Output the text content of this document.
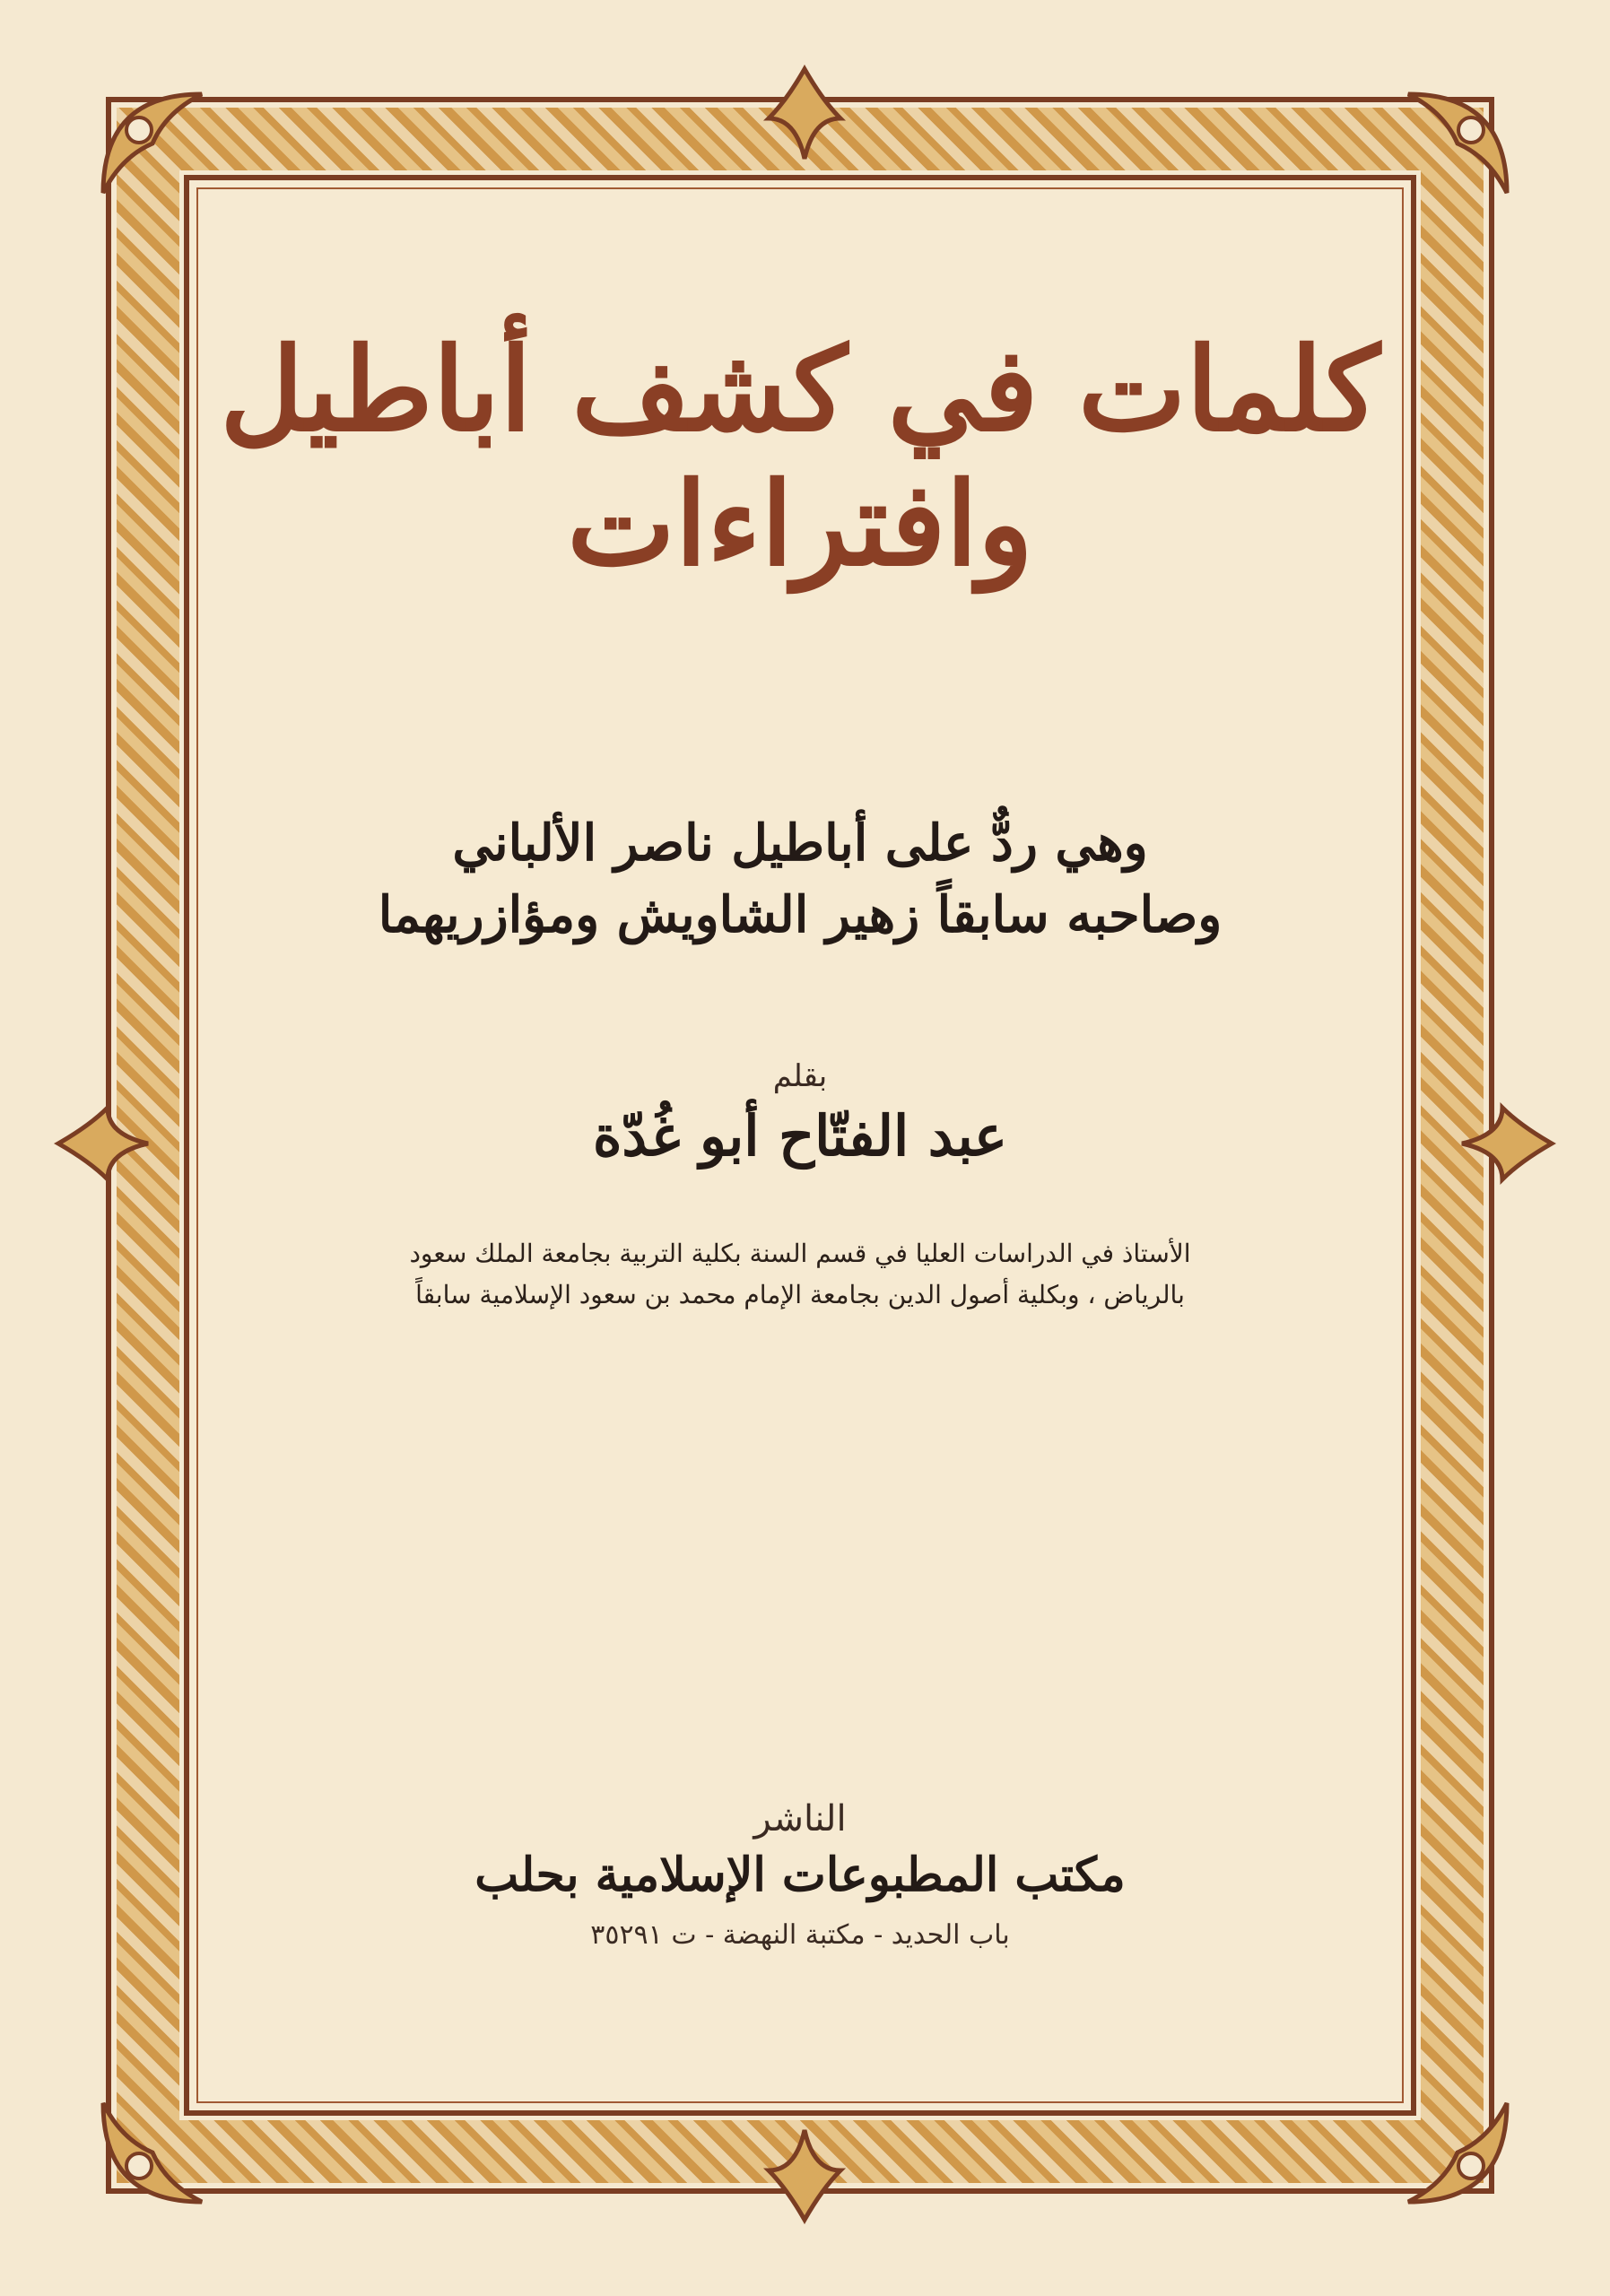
كلمات في كشف أباطيل وافتراءات
وهي ردٌّ على أباطيل ناصر الألباني
وصاحبه سابقاً زهير الشاويش ومؤازريهما
بقلم
عبد الفتّاح أبو غُدّة
الأستاذ في الدراسات العليا في قسم السنة بكلية التربية بجامعة الملك سعود
بالرياض ، وبكلية أصول الدين بجامعة الإمام محمد بن سعود الإسلامية سابقاً
الناشر
مكتب المطبوعات الإسلامية بحلب
باب الحديد - مكتبة النهضة - ت ٣٥٢٩١
